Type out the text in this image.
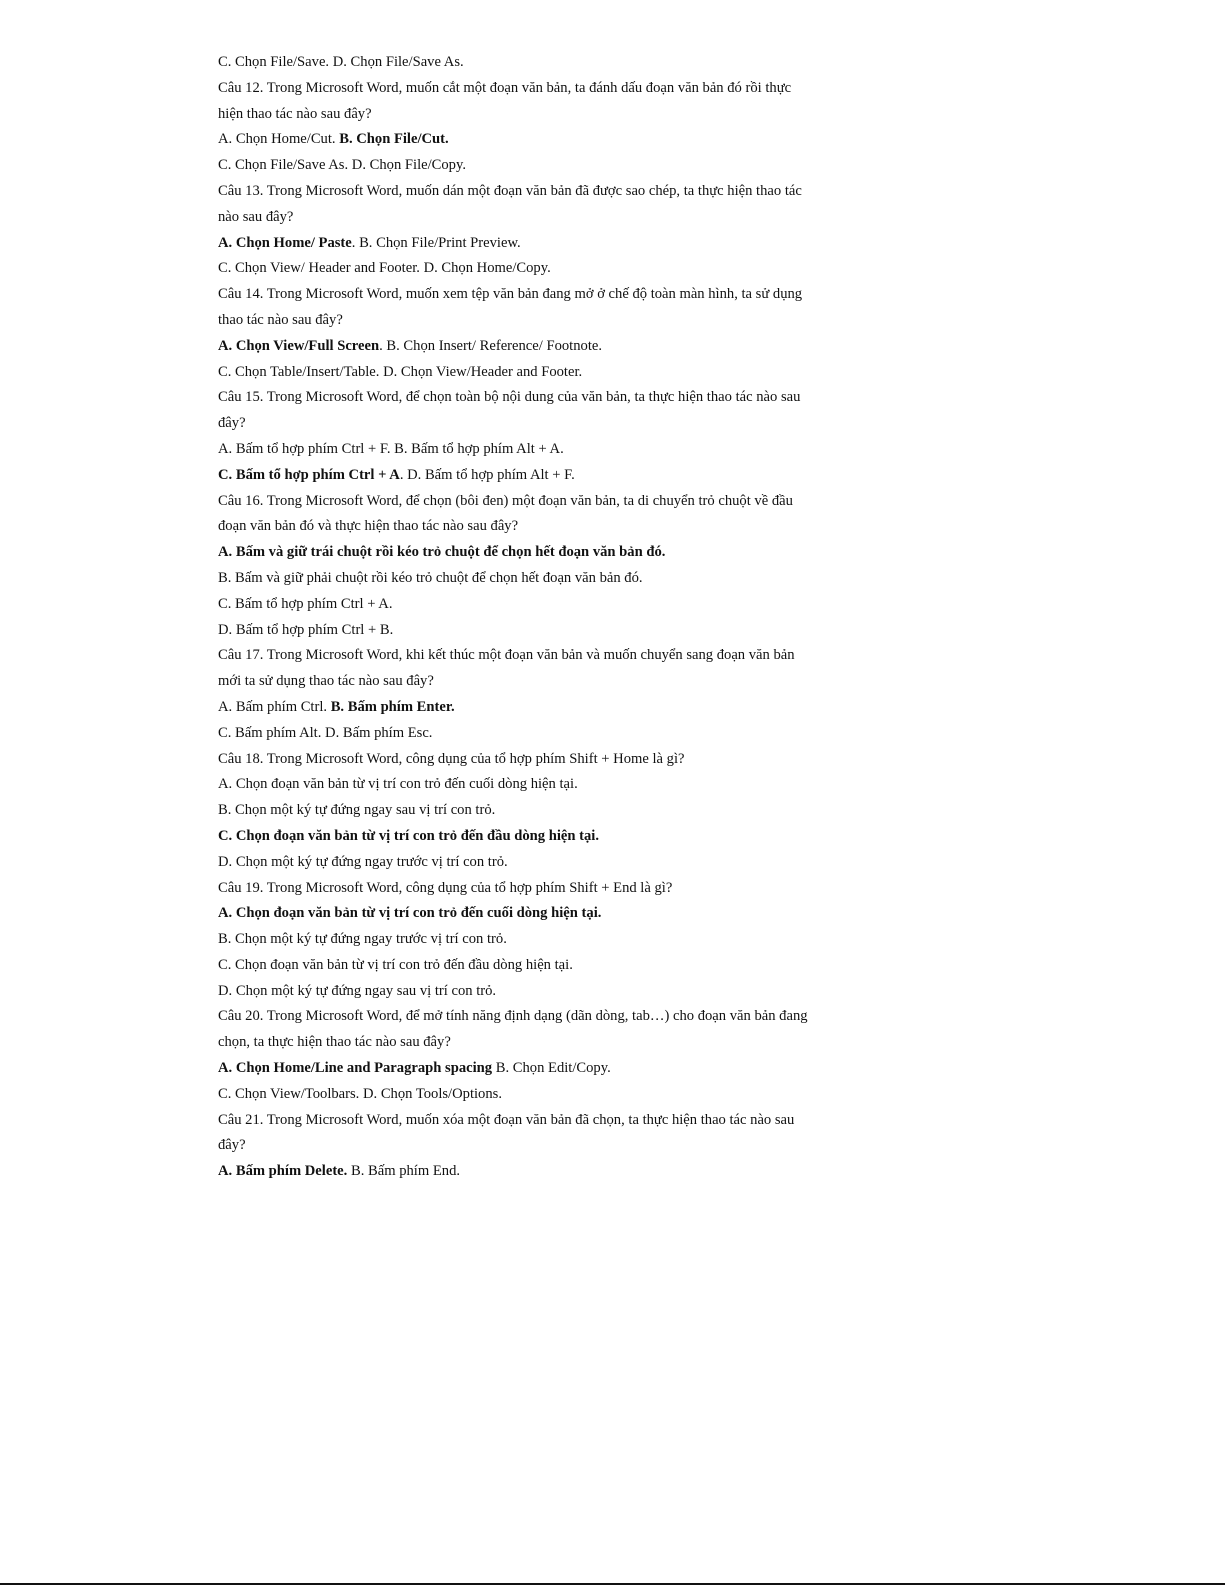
C. Chọn File/Save. D. Chọn File/Save As.
Câu 12. Trong Microsoft Word, muốn cắt một đoạn văn bản, ta đánh dấu đoạn văn bản đó rồi thực
hiện thao tác nào sau đây?
A. Chọn Home/Cut. B. Chọn File/Cut.
C. Chọn File/Save As. D. Chọn File/Copy.
Câu 13. Trong Microsoft Word, muốn dán một đoạn văn bản đã được sao chép, ta thực hiện thao tác
nào sau đây?
A. Chọn Home/ Paste. B. Chọn File/Print Preview.
C. Chọn View/ Header and Footer. D. Chọn Home/Copy.
Câu 14. Trong Microsoft Word, muốn xem tệp văn bản đang mở ở chế độ toàn màn hình, ta sử dụng
thao tác nào sau đây?
A. Chọn View/Full Screen. B. Chọn Insert/ Reference/ Footnote.
C. Chọn Table/Insert/Table. D. Chọn View/Header and Footer.
Câu 15. Trong Microsoft Word, để chọn toàn bộ nội dung của văn bản, ta thực hiện thao tác nào sau
đây?
A. Bấm tổ hợp phím Ctrl + F. B. Bấm tổ hợp phím Alt + A.
C. Bấm tổ hợp phím Ctrl + A. D. Bấm tổ hợp phím Alt + F.
Câu 16. Trong Microsoft Word, để chọn (bôi đen) một đoạn văn bản, ta di chuyển trỏ chuột về đầu
đoạn văn bản đó và thực hiện thao tác nào sau đây?
A. Bấm và giữ trái chuột rồi kéo trỏ chuột để chọn hết đoạn văn bản đó.
B. Bấm và giữ phải chuột rồi kéo trỏ chuột để chọn hết đoạn văn bản đó.
C. Bấm tổ hợp phím Ctrl + A.
D. Bấm tổ hợp phím Ctrl + B.
Câu 17. Trong Microsoft Word, khi kết thúc một đoạn văn bản và muốn chuyển sang đoạn văn bản
mới ta sử dụng thao tác nào sau đây?
A. Bấm phím Ctrl. B. Bấm phím Enter.
C. Bấm phím Alt. D. Bấm phím Esc.
Câu 18. Trong Microsoft Word, công dụng của tổ hợp phím Shift + Home là gì?
A. Chọn đoạn văn bản từ vị trí con trỏ đến cuối dòng hiện tại.
B. Chọn một ký tự đứng ngay sau vị trí con trỏ.
C. Chọn đoạn văn bản từ vị trí con trỏ đến đầu dòng hiện tại.
D. Chọn một ký tự đứng ngay trước vị trí con trỏ.
Câu 19. Trong Microsoft Word, công dụng của tổ hợp phím Shift + End là gì?
A. Chọn đoạn văn bản từ vị trí con trỏ đến cuối dòng hiện tại.
B. Chọn một ký tự đứng ngay trước vị trí con trỏ.
C. Chọn đoạn văn bản từ vị trí con trỏ đến đầu dòng hiện tại.
D. Chọn một ký tự đứng ngay sau vị trí con trỏ.
Câu 20. Trong Microsoft Word, để mở tính năng định dạng (dãn dòng, tab…) cho đoạn văn bản đang
chọn, ta thực hiện thao tác nào sau đây?
A. Chọn Home/Line and Paragraph spacing B. Chọn Edit/Copy.
C. Chọn View/Toolbars. D. Chọn Tools/Options.
Câu 21. Trong Microsoft Word, muốn xóa một đoạn văn bản đã chọn, ta thực hiện thao tác nào sau
đây?
A. Bấm phím Delete. B. Bấm phím End.
